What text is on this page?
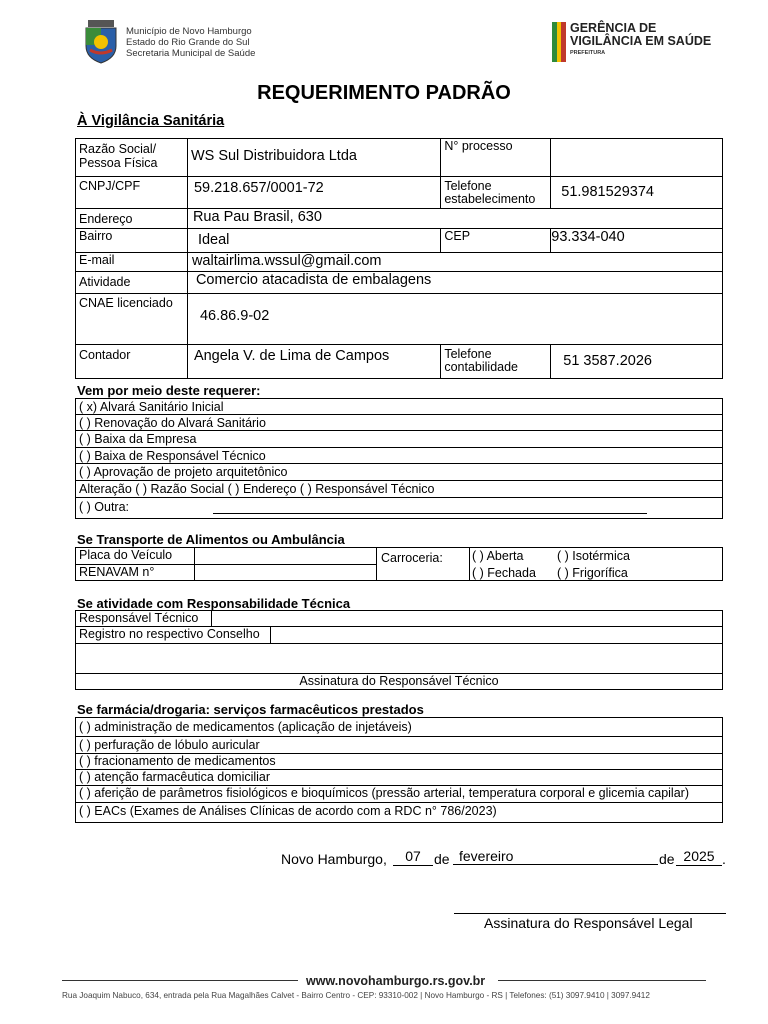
Município de Novo Hamburgo
Estado do Rio Grande do Sul
Secretaria Municipal de Saúde
GERÊNCIA DE
VIGILÂNCIA EM SAÚDE
PREFEITURA
REQUERIMENTO PADRÃO
À Vigilância Sanitária
Razão Social/ Pessoa Física	WS Sul Distribuidora Ltda	N° processo	
CNPJ/CPF	59.218.657/0001-72	Telefone estabelecimento	51.981529374
Endereço	Rua Pau Brasil, 630		
Bairro	Ideal	CEP	93.334-040
E-mail	waltairlima.wssul@gmail.com		
Atividade	Comercio atacadista de embalagens		
CNAE licenciado	46.86.9-02		
Contador	Angela V. de Lima de Campos	Telefone contabilidade	51 3587.2026
Vem por meio deste requerer:
( x) Alvará Sanitário Inicial
( ) Renovação do Alvará Sanitário
( ) Baixa da Empresa
( ) Baixa de Responsável Técnico
( ) Aprovação de projeto arquitetônico
Alteração ( ) Razão Social ( ) Endereço ( ) Responsável Técnico
( ) Outra:
Se Transporte de Alimentos ou Ambulância
Placa do Veículo
RENAVAM n°
Carroceria: ( ) Aberta	( ) Isotérmica
( ) Fechada ( ) Frigorífica
Se atividade com Responsabilidade Técnica
Responsável Técnico
Registro no respectivo Conselho
Assinatura do Responsável Técnico
Se farmácia/drogaria: serviços farmacêuticos prestados
( ) administração de medicamentos (aplicação de injetáveis)
( ) perfuração de lóbulo auricular
( ) fracionamento de medicamentos
( ) atenção farmacêutica domiciliar
( ) aferição de parâmetros fisiológicos e bioquímicos (pressão arterial, temperatura corporal e glicemia capilar)
( ) EACs (Exames de Análises Clínicas de acordo com a RDC n° 786/2023)
Novo Hamburgo,	07 de fevereiro	de 2025 .
Assinatura do Responsável Legal
www.novohamburgo.rs.gov.br
Rua Joaquim Nabuco, 634, entrada pela Rua Magalhães Calvet - Bairro Centro - CEP: 93310-002 | Novo Hamburgo - RS | Telefones: (51) 3097.9410 | 3097.9412
